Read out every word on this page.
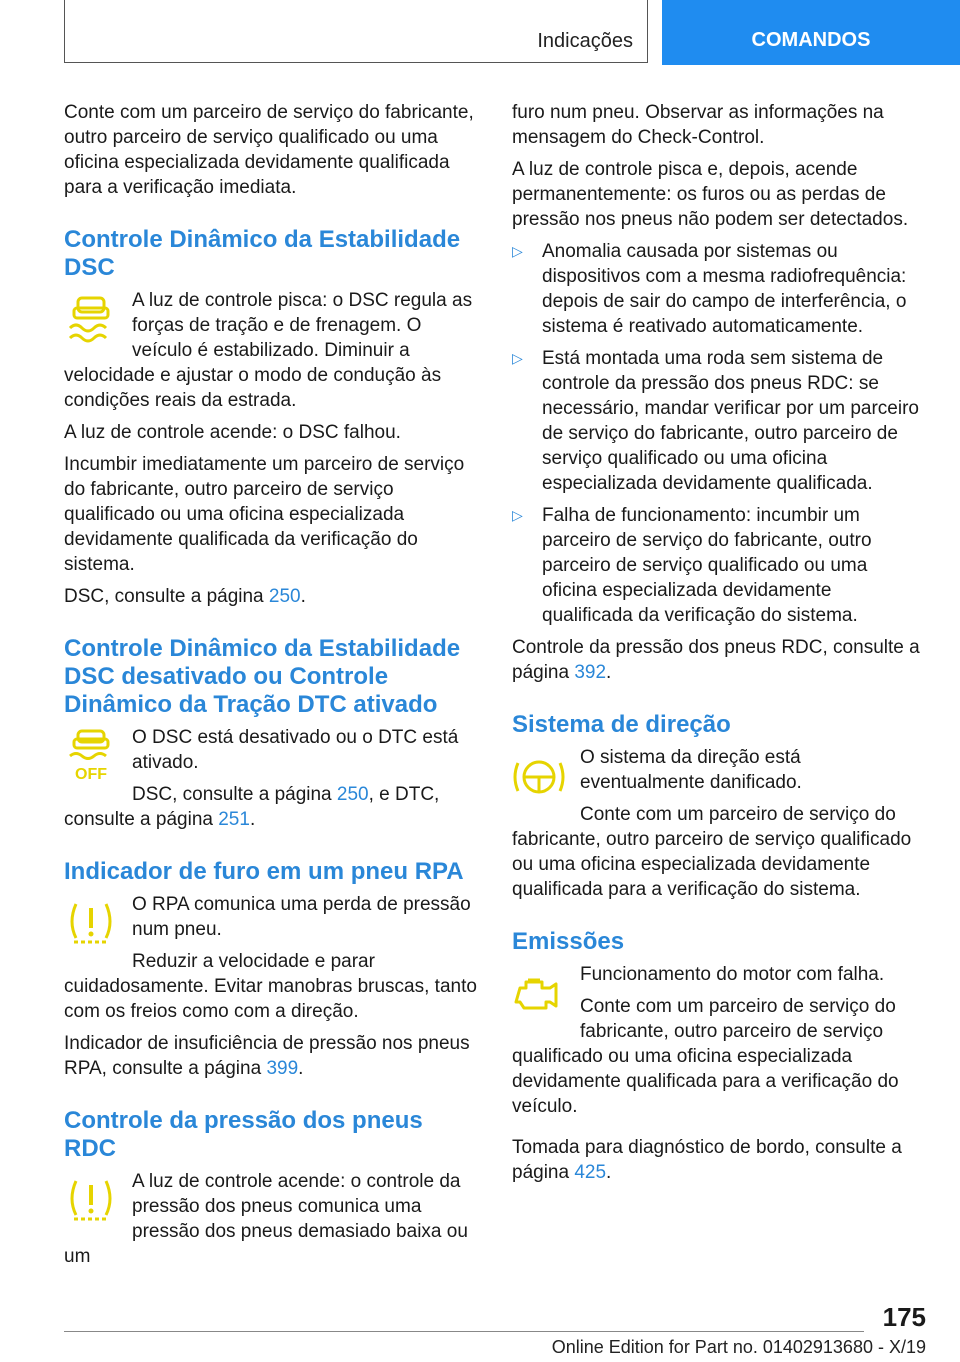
Indicações	COMANDOS

Conte com um parceiro de serviço do fabricante, outro parceiro de serviço qualificado ou uma oficina especializada devidamente qualificada para a verificação imediata.

Controle Dinâmico da Estabilidade DSC

A luz de controle pisca: o DSC regula as forças de tração e de frenagem. O veículo é estabilizado. Diminuir a velocidade e ajustar o modo de condução às condições reais da estrada.

A luz de controle acende: o DSC falhou.

Incumbir imediatamente um parceiro de serviço do fabricante, outro parceiro de serviço qualificado ou uma oficina especializada devidamente qualificada da verificação do sistema.

DSC, consulte a página 250.

Controle Dinâmico da Estabilidade DSC desativado ou Controle Dinâmico da Tração DTC ativado
OFF

O DSC está desativado ou o DTC está ativado.

DSC, consulte a página 250, e DTC, consulte a página 251.

Indicador de furo em um pneu RPA

O RPA comunica uma perda de pressão num pneu.

Reduzir a velocidade e parar cuidadosamente. Evitar manobras bruscas, tanto com os freios como com a direção.

Indicador de insuficiência de pressão nos pneus RPA, consulte a página 399.

Controle da pressão dos pneus RDC

A luz de controle acende: o controle da pressão dos pneus comunica uma pressão dos pneus demasiado baixa ou um

furo num pneu. Observar as informações na mensagem do Check-Control.

A luz de controle pisca e, depois, acende permanentemente: os furos ou as perdas de pressão nos pneus não podem ser detectados.

▷ Anomalia causada por sistemas ou dispositivos com a mesma radiofrequência: depois de sair do campo de interferência, o sistema é reativado automaticamente.
▷ Está montada uma roda sem sistema de controle da pressão dos pneus RDC: se necessário, mandar verificar por um parceiro de serviço do fabricante, outro parceiro de serviço qualificado ou uma oficina especializada devidamente qualificada.
▷ Falha de funcionamento: incumbir um parceiro de serviço do fabricante, outro parceiro de serviço qualificado ou uma oficina especializada devidamente qualificada da verificação do sistema.

Controle da pressão dos pneus RDC, consulte a página 392.

Sistema de direção

O sistema da direção está eventualmente danificado.

Conte com um parceiro de serviço do fabricante, outro parceiro de serviço qualificado ou uma oficina especializada devidamente qualificada para a verificação do sistema.

Emissões

Funcionamento do motor com falha.

Conte com um parceiro de serviço do fabricante, outro parceiro de serviço qualificado ou uma oficina especializada devidamente qualificada para a verificação do veículo.

Tomada para diagnóstico de bordo, consulte a página 425.

175
Online Edition for Part no. 01402913680 - X/19
